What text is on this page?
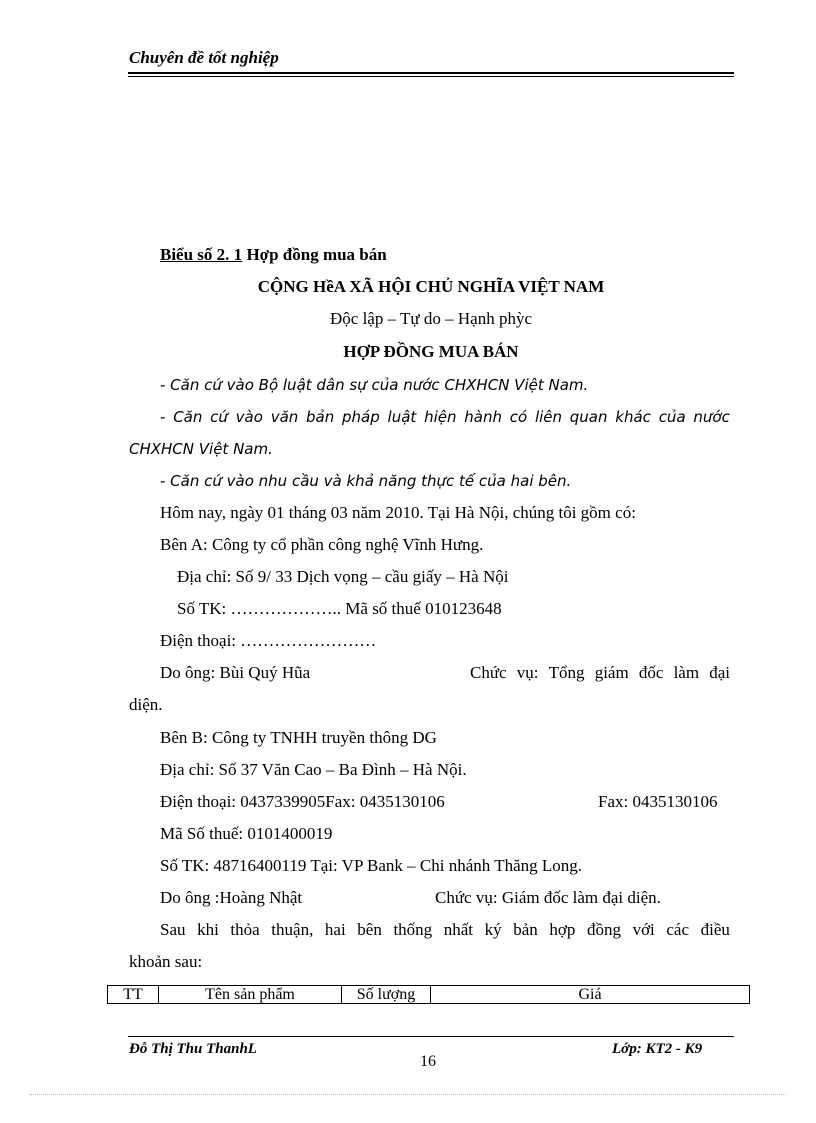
Chuyên đề tốt nghiệp
Biểu số 2. 1 Hợp đồng mua bán
CỘNG HềA XÃ HỘI CHỦ NGHĨA VIỆT NAM
Độc lập – Tự do – Hạnh phỳc
HỢP ĐỒNG MUA BÁN
- Căn cứ vào Bộ luật dân sự của nước CHXHCN Việt Nam.
- Căn cứ vào văn bản pháp luật hiện hành có liên quan khác của nước
CHXHCN Việt Nam.
- Căn cứ vào nhu cầu và khả năng thực tế của hai bên.
Hôm nay, ngày 01 tháng 03 năm 2010. Tại Hà Nội, chúng tôi gồm có:
Bên A: Công ty cổ phần công nghệ Vĩnh Hưng.
Địa chỉ: Số 9/ 33 Dịch vọng – cầu giấy – Hà Nội
Số TK: ……………….. Mã số thuế 010123648
Điện thoại: ……………………
Do ông: Bùi Quý Hũa	Chức vụ: Tổng giám đốc làm đại
diện.
Bên B: Công ty TNHH truyền thông DG
Địa chỉ: Số 37 Văn Cao – Ba Đình – Hà Nội.
Điện thoại: 0437339905Fax: 0435130106	Fax: 0435130106
Mã Số thuế: 0101400019
Số TK: 48716400119 Tại: VP Bank – Chi nhánh Thăng Long.
Do ông :Hoàng Nhật	Chức vụ: Giám đốc làm đại diện.
Sau khi thỏa thuận, hai bên thống nhất ký bản hợp đồng với các điều
khoản sau:
TT	Tên sản phẩm	Số lượng	Giá
Đỗ Thị Thu ThanhL	Lớp: KT2 - K9
16
